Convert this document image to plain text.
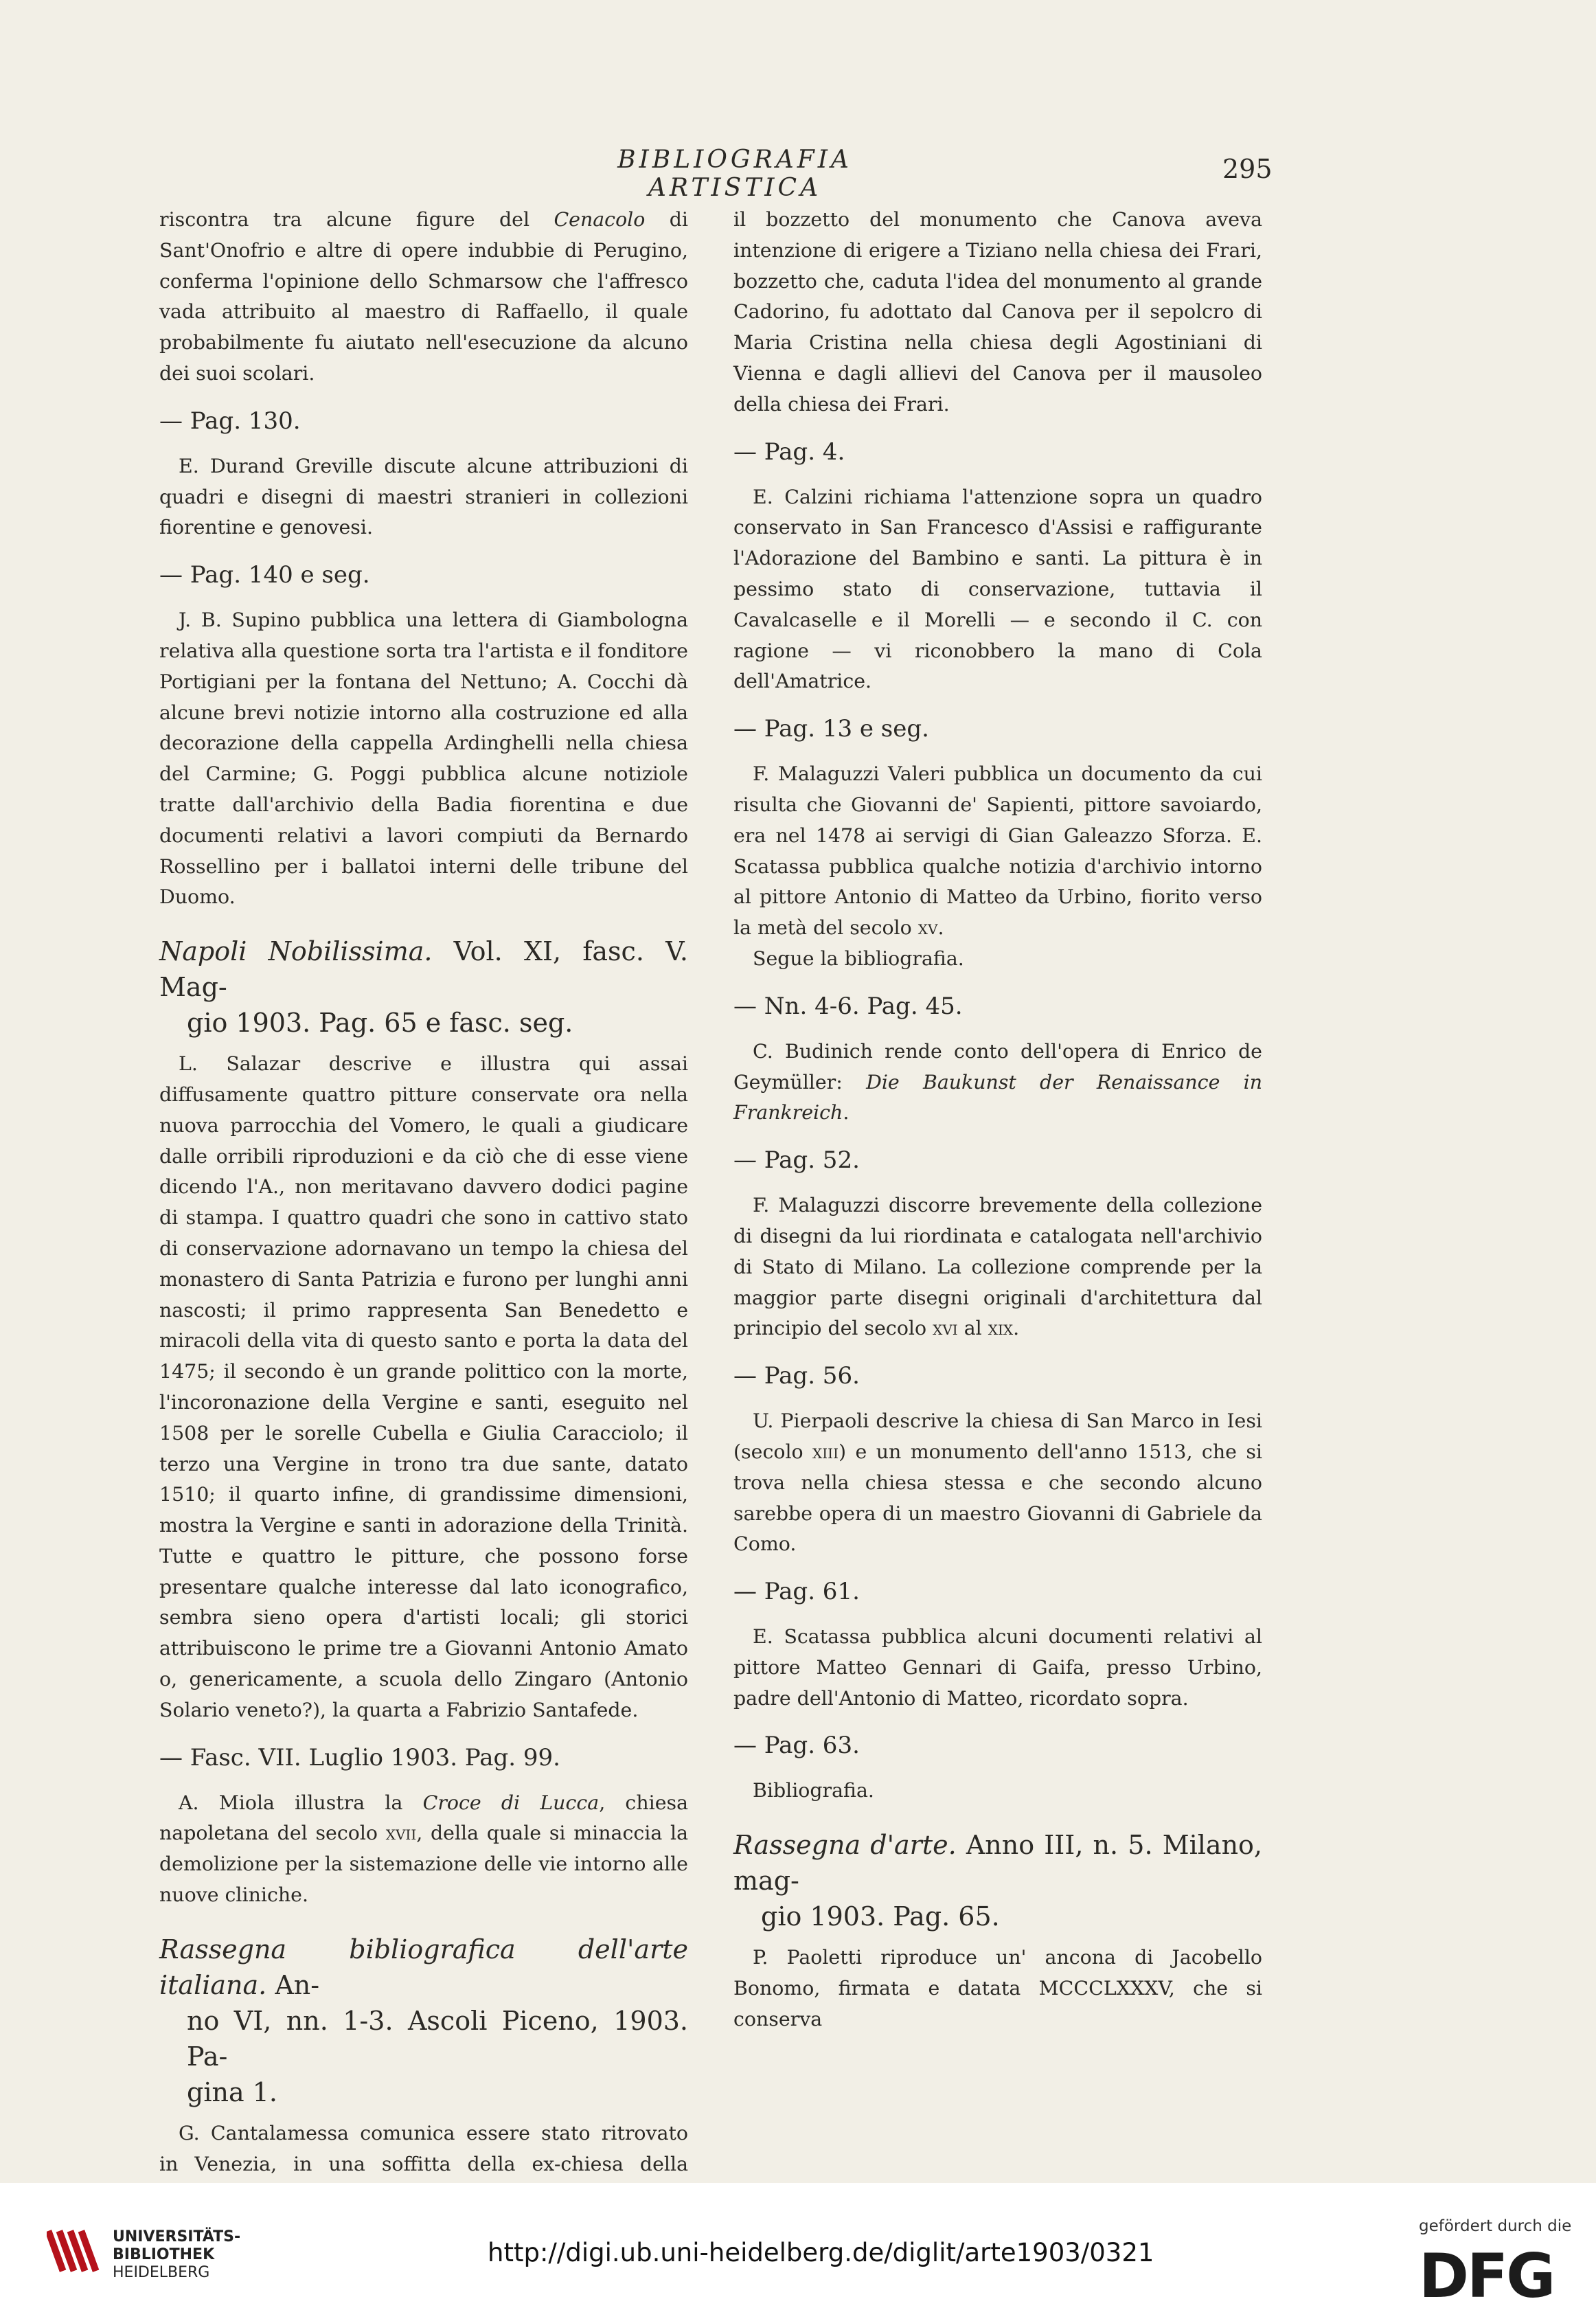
BIBLIOGRAFIA ARTISTICA
295

riscontra tra alcune figure del Cenacolo di Sant'Onofrio e altre di opere indubbie di Perugino, conferma l'opinione dello Schmarsow che l'affresco vada attribuito al maestro di Raffaello, il quale probabilmente fu aiutato nell'esecuzione da alcuno dei suoi scolari.

— Pag. 130.

E. Durand Greville discute alcune attribuzioni di quadri e disegni di maestri stranieri in collezioni fiorentine e genovesi.

— Pag. 140 e seg.

J. B. Supino pubblica una lettera di Giambologna relativa alla questione sorta tra l'artista e il fonditore Portigiani per la fontana del Nettuno; A. Cocchi dà alcune brevi notizie intorno alla costruzione ed alla decorazione della cappella Ardinghelli nella chiesa del Carmine; G. Poggi pubblica alcune notiziole tratte dall'archivio della Badia fiorentina e due documenti relativi a lavori compiuti da Bernardo Rossellino per i ballatoi interni delle tribune del Duomo.

Napoli Nobilissima. Vol. XI, fasc. V. Mag-
gio 1903. Pag. 65 e fasc. seg.

L. Salazar descrive e illustra qui assai diffusamente quattro pitture conservate ora nella nuova parrocchia del Vomero, le quali a giudicare dalle orribili riproduzioni e da ciò che di esse viene dicendo l'A., non meritavano davvero dodici pagine di stampa. I quattro quadri che sono in cattivo stato di conservazione adornavano un tempo la chiesa del monastero di Santa Patrizia e furono per lunghi anni nascosti; il primo rappresenta San Benedetto e miracoli della vita di questo santo e porta la data del 1475; il secondo è un grande polittico con la morte, l'incoronazione della Vergine e santi, eseguito nel 1508 per le sorelle Cubella e Giulia Caracciolo; il terzo una Vergine in trono tra due sante, datato 1510; il quarto infine, di grandissime dimensioni, mostra la Vergine e santi in adorazione della Trinità. Tutte e quattro le pitture, che possono forse presentare qualche interesse dal lato iconografico, sembra sieno opera d'artisti locali; gli storici attribuiscono le prime tre a Giovanni Antonio Amato o, genericamente, a scuola dello Zingaro (Antonio Solario veneto?), la quarta a Fabrizio Santafede.

— Fasc. VII. Luglio 1903. Pag. 99.

A. Miola illustra la Croce di Lucca, chiesa napoletana del secolo xvii, della quale si minaccia la demolizione per la sistemazione delle vie intorno alle nuove cliniche.

Rassegna bibliografica dell'arte italiana. An-
no VI, nn. 1-3. Ascoli Piceno, 1903. Pa-
gina 1.

G. Cantalamessa comunica essere stato ritrovato in Venezia, in una soffitta della ex-chiesa della

il bozzetto del monumento che Canova aveva intenzione di erigere a Tiziano nella chiesa dei Frari, bozzetto che, caduta l'idea del monumento al grande Cadorino, fu adottato dal Canova per il sepolcro di Maria Cristina nella chiesa degli Agostiniani di Vienna e dagli allievi del Canova per il mausoleo della chiesa dei Frari.

— Pag. 4.

E. Calzini richiama l'attenzione sopra un quadro conservato in San Francesco d'Assisi e raffigurante l'Adorazione del Bambino e santi. La pittura è in pessimo stato di conservazione, tuttavia il Cavalcaselle e il Morelli — e secondo il C. con ragione — vi riconobbero la mano di Cola dell'Amatrice.

— Pag. 13 e seg.

F. Malaguzzi Valeri pubblica un documento da cui risulta che Giovanni de' Sapienti, pittore savoiardo, era nel 1478 ai servigi di Gian Galeazzo Sforza. E. Scatassa pubblica qualche notizia d'archivio intorno al pittore Antonio di Matteo da Urbino, fiorito verso la metà del secolo xv.

Segue la bibliografia.

— Nn. 4-6. Pag. 45.

C. Budinich rende conto dell'opera di Enrico de Geymüller: Die Baukunst der Renaissance in Frankreich.

— Pag. 52.

F. Malaguzzi discorre brevemente della collezione di disegni da lui riordinata e catalogata nell'archivio di Stato di Milano. La collezione comprende per la maggior parte disegni originali d'architettura dal principio del secolo xvi al xix.

— Pag. 56.

U. Pierpaoli descrive la chiesa di San Marco in Iesi (secolo xiii) e un monumento dell'anno 1513, che si trova nella chiesa stessa e che secondo alcuno sarebbe opera di un maestro Giovanni di Gabriele da Como.

— Pag. 61.

E. Scatassa pubblica alcuni documenti relativi al pittore Matteo Gennari di Gaifa, presso Urbino, padre dell'Antonio di Matteo, ricordato sopra.

— Pag. 63.

Bibliografia.

Rassegna d'arte. Anno III, n. 5. Milano, mag-
gio 1903. Pag. 65.

P. Paoletti riproduce un' ancona di Jacobello Bonomo, firmata e datata MCCCLXXXV, che si conserva

UNIVERSITÄTS-
BIBLIOTHEK
HEIDELBERG
http://digi.ub.uni-heidelberg.de/diglit/arte1903/0321
gefördert durch die
DFG
